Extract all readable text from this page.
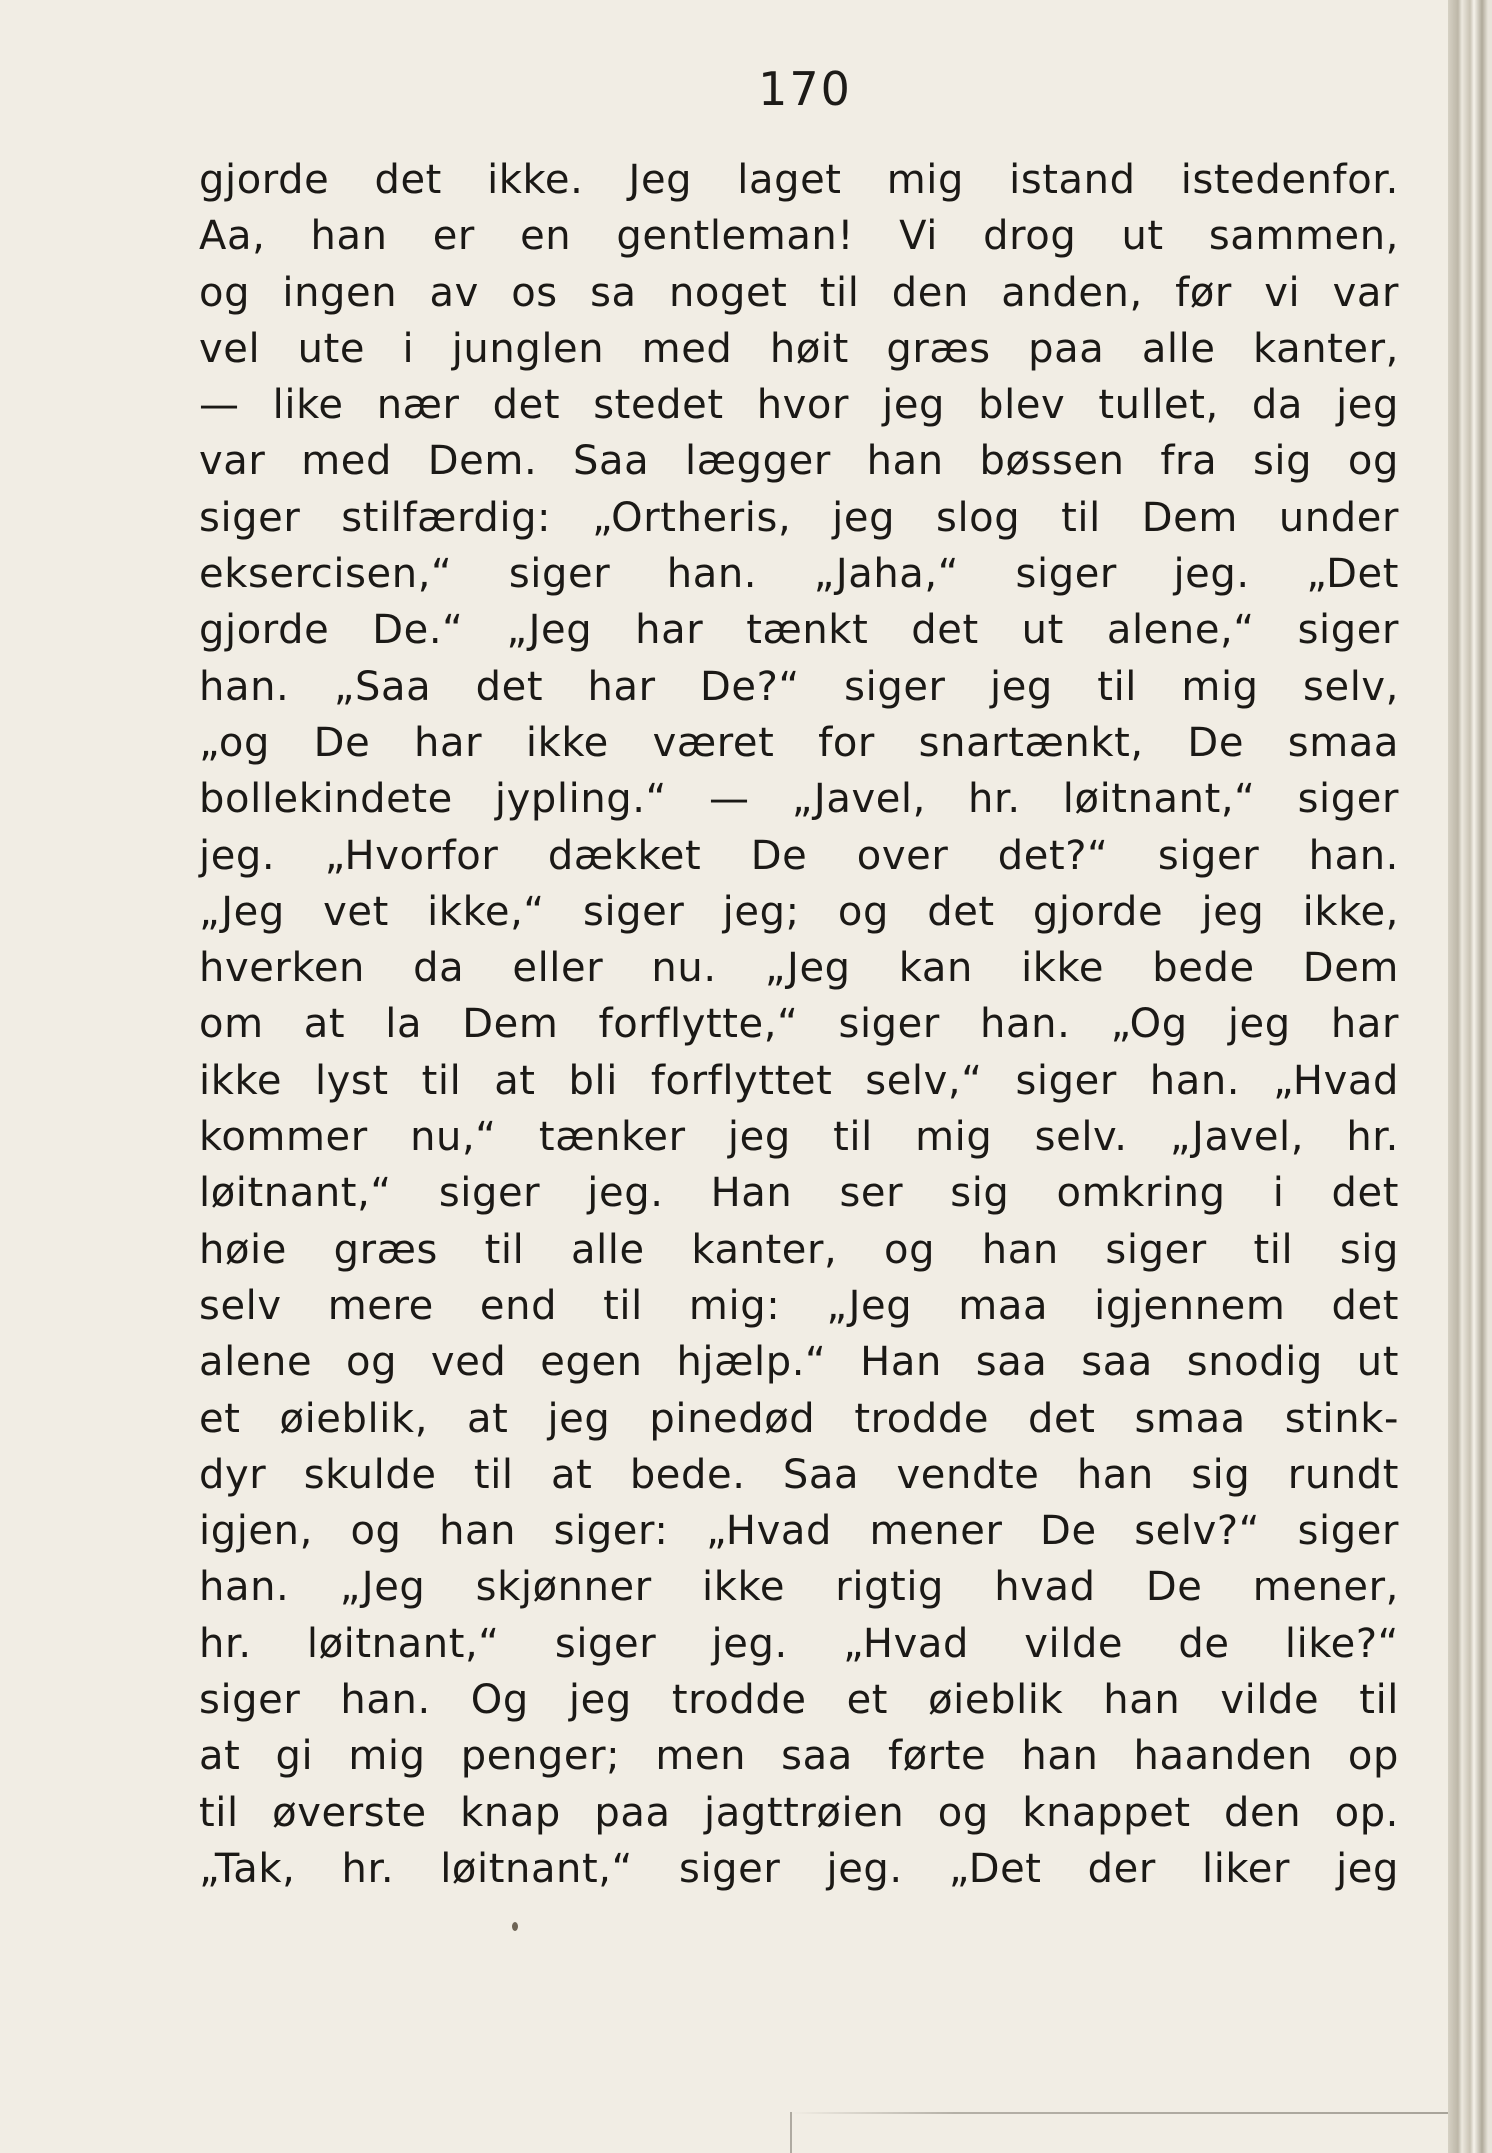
170
gjorde det ikke. Jeg laget mig istand istedenfor.
Aa, han er en gentleman! Vi drog ut sammen,
og ingen av os sa noget til den anden, før vi var
vel ute i junglen med høit græs paa alle kanter,
— like nær det stedet hvor jeg blev tullet, da jeg
var med Dem. Saa lægger han bøssen fra sig og
siger stilfærdig: „Ortheris, jeg slog til Dem under
eksercisen,“ siger han. „Jaha,“ siger jeg. „Det
gjorde De.“ „Jeg har tænkt det ut alene,“ siger
han. „Saa det har De?“ siger jeg til mig selv,
„og De har ikke været for snartænkt, De smaa
bollekindete jypling.“ — „Javel, hr. løitnant,“ siger
jeg. „Hvorfor dækket De over det?“ siger han.
„Jeg vet ikke,“ siger jeg; og det gjorde jeg ikke,
hverken da eller nu. „Jeg kan ikke bede Dem
om at la Dem forflytte,“ siger han. „Og jeg har
ikke lyst til at bli forflyttet selv,“ siger han. „Hvad
kommer nu,“ tænker jeg til mig selv. „Javel, hr.
løitnant,“ siger jeg. Han ser sig omkring i det
høie græs til alle kanter, og han siger til sig
selv mere end til mig: „Jeg maa igjennem det
alene og ved egen hjælp.“ Han saa saa snodig ut
et øieblik, at jeg pinedød trodde det smaa stink-
dyr skulde til at bede. Saa vendte han sig rundt
igjen, og han siger: „Hvad mener De selv?“ siger
han. „Jeg skjønner ikke rigtig hvad De mener,
hr. løitnant,“ siger jeg. „Hvad vilde de like?“
siger han. Og jeg trodde et øieblik han vilde til
at gi mig penger; men saa førte han haanden op
til øverste knap paa jagttrøien og knappet den op.
„Tak, hr. løitnant,“ siger jeg. „Det der liker jeg
